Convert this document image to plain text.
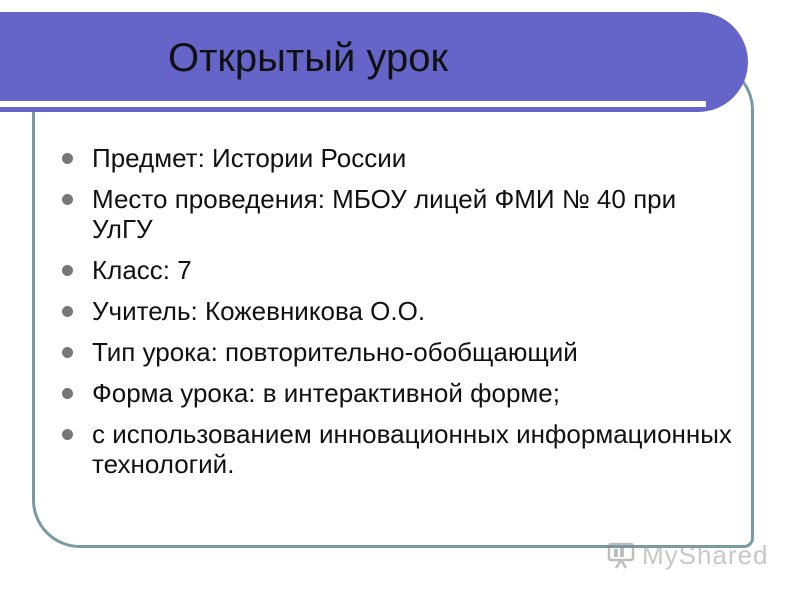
Открытый урок
Предмет: Истории России
Место проведения: МБОУ лицей ФМИ № 40 при УлГУ
Класс: 7
Учитель: Кожевникова О.О.
Тип урока: повторительно-обобщающий
Форма урока: в интерактивной форме;
с использованием инновационных информационных технологий.
MyShared
